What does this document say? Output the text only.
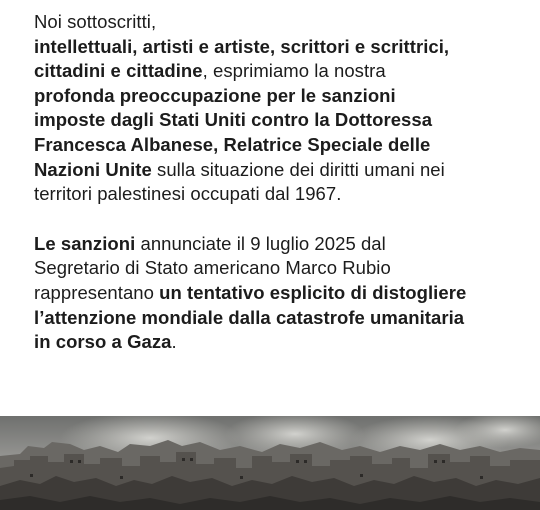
Noi sottoscritti,
intellettuali, artisti e artiste, scrittori e scrittrici,
cittadini e cittadine, esprimiamo la nostra
profonda preoccupazione per le sanzioni
imposte dagli Stati Uniti contro la Dottoressa
Francesca Albanese, Relatrice Speciale delle
Nazioni Unite sulla situazione dei diritti umani nei
territori palestinesi occupati dal 1967.

Le sanzioni annunciate il 9 luglio 2025 dal
Segretario di Stato americano Marco Rubio
rappresentano un tentativo esplicito di distogliere
l’attenzione mondiale dalla catastrofe umanitaria
in corso a Gaza.
